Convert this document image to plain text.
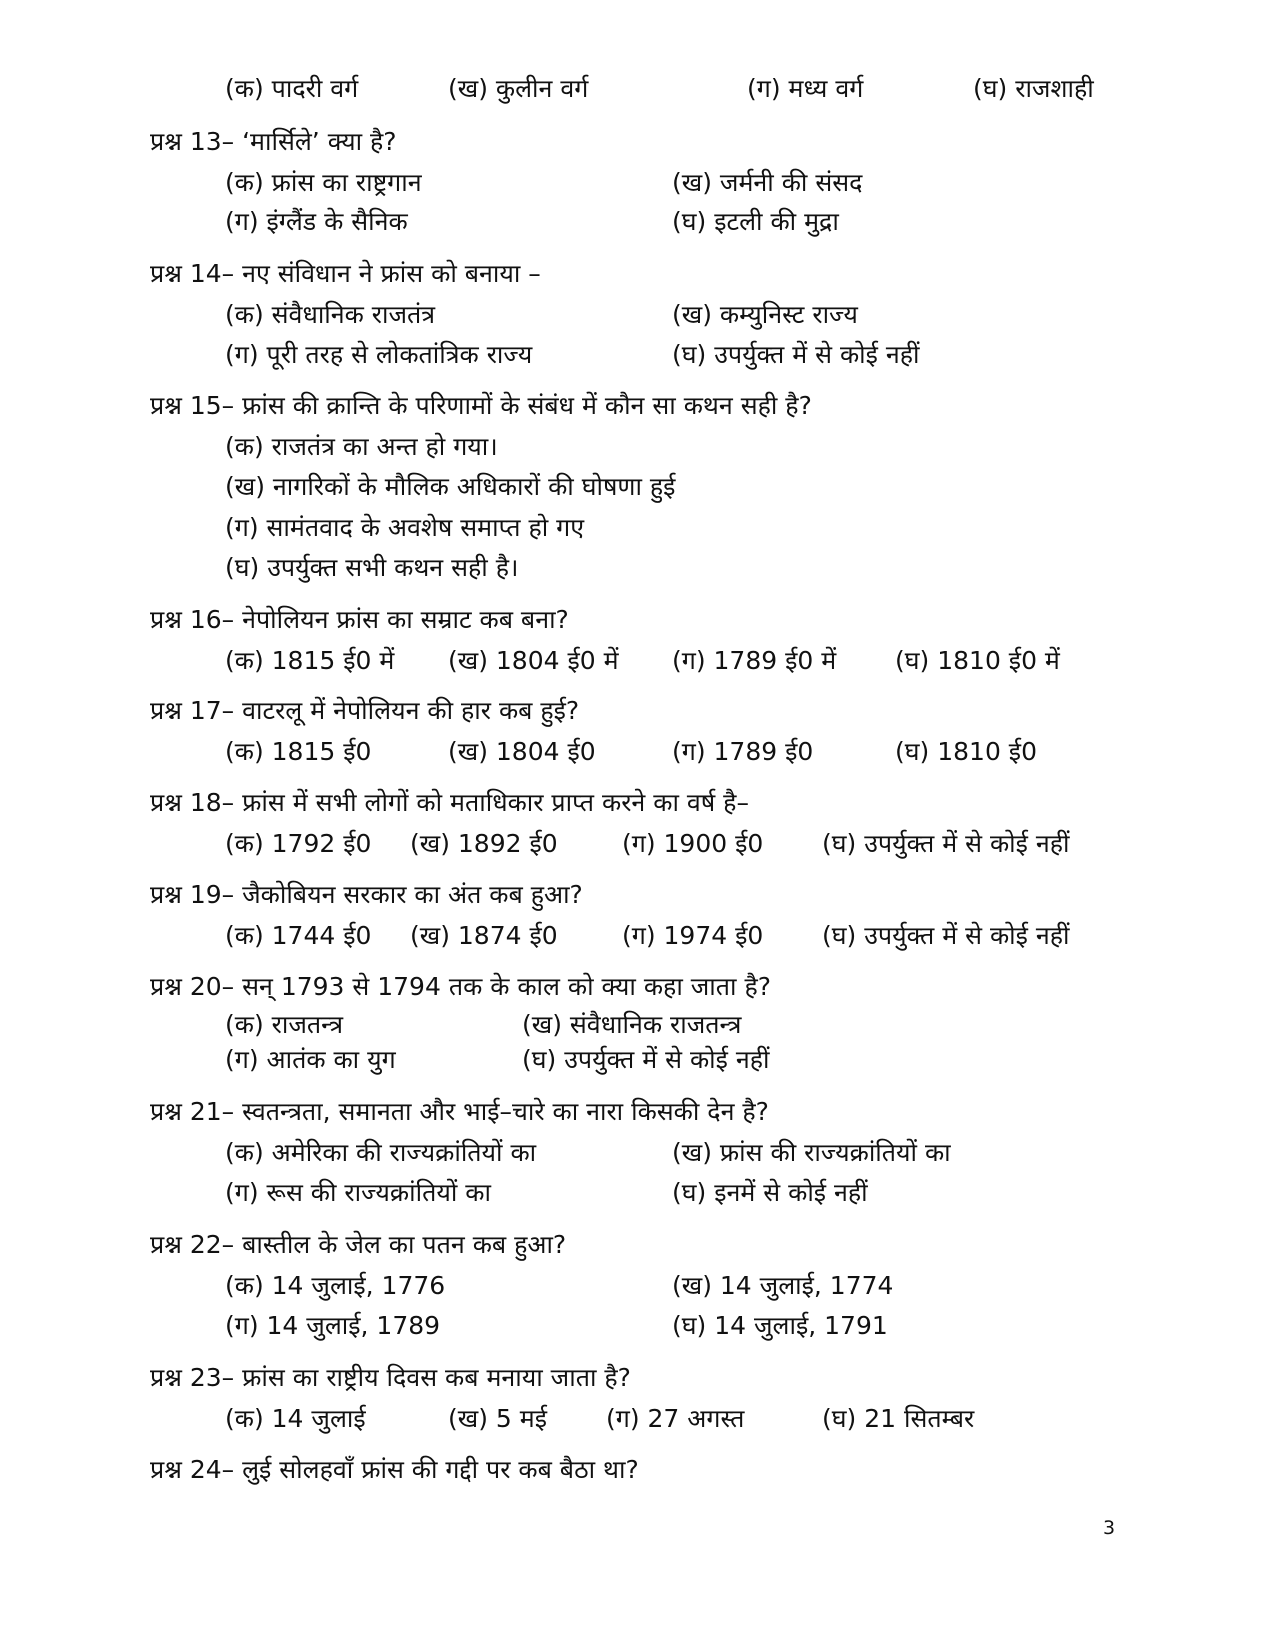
(क) पादरी वर्ग	(ख) कुलीन वर्ग	(ग) मध्य वर्ग	(घ) राजशाही
प्रश्न 13– ‘मार्सिले’ क्या है?
(क) फ्रांस का राष्ट्रगान	(ख) जर्मनी की संसद
(ग) इंग्लैंड के सैनिक	(घ) इटली की मुद्रा
प्रश्न 14– नए संविधान ने फ्रांस को बनाया –
(क) संवैधानिक राजतंत्र	(ख) कम्युनिस्ट राज्य
(ग) पूरी तरह से लोकतांत्रिक राज्य	(घ) उपर्युक्त में से कोई नहीं
प्रश्न 15– फ्रांस की क्रान्ति के परिणामों के संबंध में कौन सा कथन सही है?
(क) राजतंत्र का अन्त हो गया।
(ख) नागरिकों के मौलिक अधिकारों की घोषणा हुई
(ग) सामंतवाद के अवशेष समाप्त हो गए
(घ) उपर्युक्त सभी कथन सही है।
प्रश्न 16– नेपोलियन फ्रांस का सम्राट कब बना?
(क) 1815 ई0 में (ख) 1804 ई0 में (ग) 1789 ई0 में (घ) 1810 ई0 में
प्रश्न 17– वाटरलू में नेपोलियन की हार कब हुई?
(क) 1815 ई0	(ख) 1804 ई0	(ग) 1789 ई0	(घ) 1810 ई0
प्रश्न 18– फ्रांस में सभी लोगों को मताधिकार प्राप्त करने का वर्ष है–
(क) 1792 ई0 (ख) 1892 ई0	(ग) 1900 ई0 (घ) उपर्युक्त में से कोई नहीं
प्रश्न 19– जैकोबियन सरकार का अंत कब हुआ?
(क) 1744 ई0 (ख) 1874 ई0	(ग) 1974 ई0 (घ) उपर्युक्त में से कोई नहीं
प्रश्न 20– सन् 1793 से 1794 तक के काल को क्या कहा जाता है?
(क) राजतन्त्र	(ख) संवैधानिक राजतन्त्र
(ग) आतंक का युग	(घ) उपर्युक्त में से कोई नहीं
प्रश्न 21– स्वतन्त्रता, समानता और भाई–चारे का नारा किसकी देन है?
(क) अमेरिका की राज्यक्रांतियों का	(ख) फ्रांस की राज्यक्रांतियों का
(ग) रूस की राज्यक्रांतियों का	(घ) इनमें से कोई नहीं
प्रश्न 22– बास्तील के जेल का पतन कब हुआ?
(क) 14 जुलाई, 1776	(ख) 14 जुलाई, 1774
(ग) 14 जुलाई, 1789	(घ) 14 जुलाई, 1791
प्रश्न 23– फ्रांस का राष्ट्रीय दिवस कब मनाया जाता है?
(क) 14 जुलाई	(ख) 5 मई (ग) 27 अगस्त	(घ) 21 सितम्बर
प्रश्न 24– लुई सोलहवाँ फ्रांस की गद्दी पर कब बैठा था?
3
